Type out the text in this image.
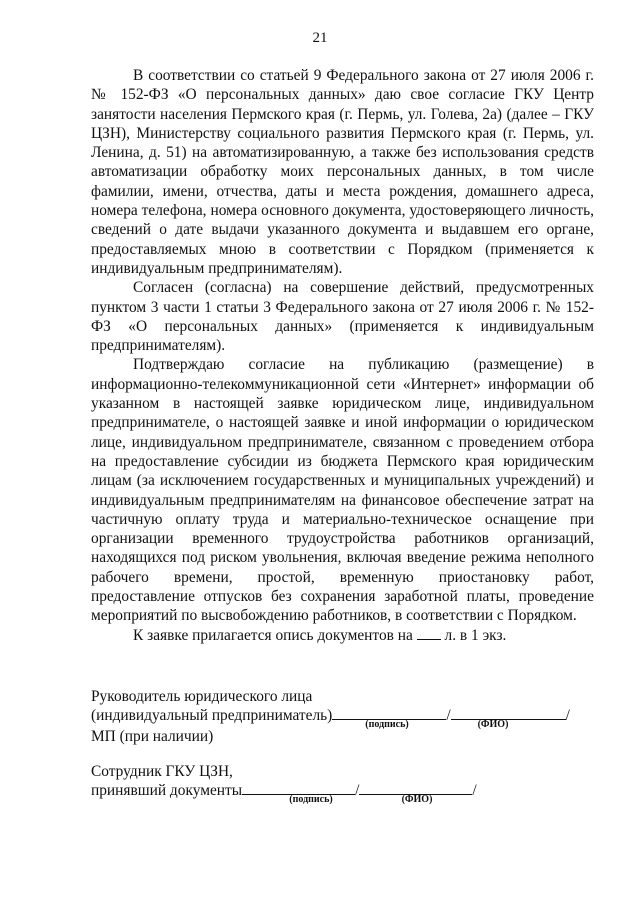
21

В соответствии со статьей 9 Федерального закона от 27 июля 2006 г. № 152-ФЗ «О персональных данных» даю свое согласие ГКУ Центр занятости населения Пермского края (г. Пермь, ул. Голева, 2а) (далее – ГКУ ЦЗН), Министерству социального развития Пермского края (г. Пермь, ул. Ленина, д. 51) на автоматизированную, а также без использования средств автоматизации обработку моих персональных данных, в том числе фамилии, имени, отчества, даты и места рождения, домашнего адреса, номера телефона, номера основного документа, удостоверяющего личность, сведений о дате выдачи указанного документа и выдавшем его органе, предоставляемых мною в соответствии с Порядком (применяется к индивидуальным предпринимателям).

Согласен (согласна) на совершение действий, предусмотренных пунктом 3 части 1 статьи 3 Федерального закона от 27 июля 2006 г. № 152-ФЗ «О персональных данных» (применяется к индивидуальным предпринимателям).

Подтверждаю согласие на публикацию (размещение) в информационно-телекоммуникационной сети «Интернет» информации об указанном в настоящей заявке юридическом лице, индивидуальном предпринимателе, о настоящей заявке и иной информации о юридическом лице, индивидуальном предпринимателе, связанном с проведением отбора на предоставление субсидии из бюджета Пермского края юридическим лицам (за исключением государственных и муниципальных учреждений) и индивидуальным предпринимателям на финансовое обеспечение затрат на частичную оплату труда и материально-техническое оснащение при организации временного трудоустройства работников организаций, находящихся под риском увольнения, включая введение режима неполного рабочего времени, простой, временную приостановку работ, предоставление отпусков без сохранения заработной платы, проведение мероприятий по высвобождению работников, в соответствии с Порядком.

К заявке прилагается опись документов на л. в 1 экз.

Руководитель юридического лица
(индивидуальный предприниматель)	/	/
(подпись)	(ФИО)
МП (при наличии)
Сотрудник ГКУ ЦЗН,
принявший документы	/	/
(подпись)	(ФИО)
